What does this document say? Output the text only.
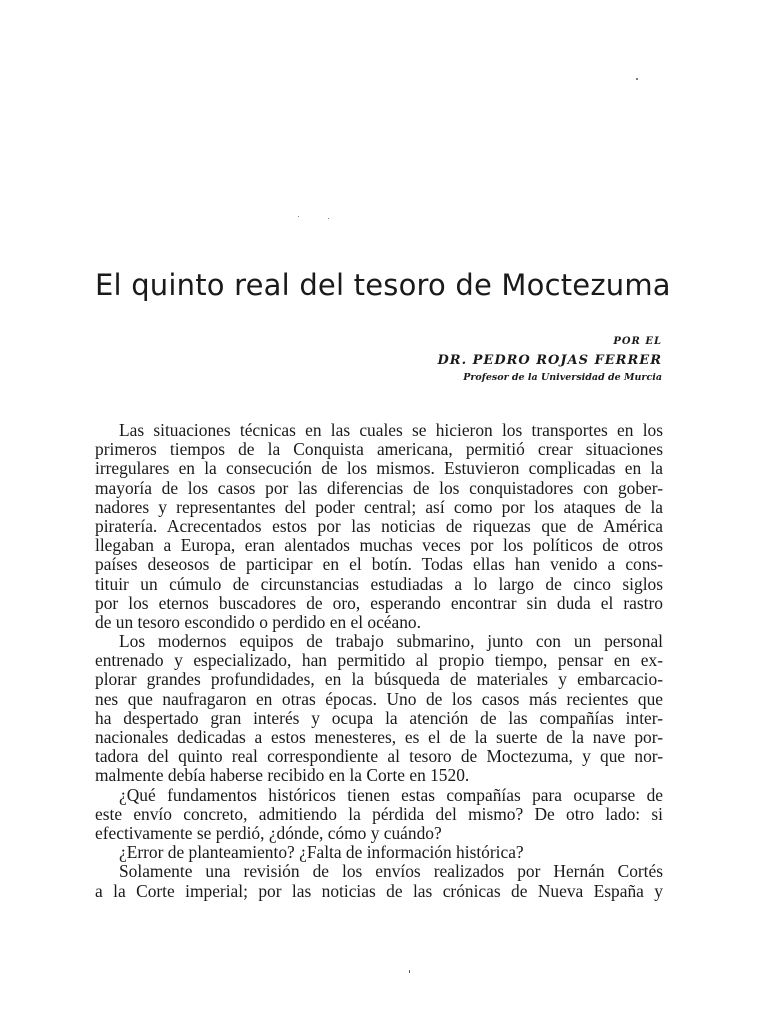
El quinto real del tesoro de Moctezuma
POR EL
DR. PEDRO ROJAS FERRER
Profesor de la Universidad de Murcia
Las situaciones técnicas en las cuales se hicieron los transportes en los
primeros tiempos de la Conquista americana, permitió crear situaciones
irregulares en la consecución de los mismos. Estuvieron complicadas en la
mayoría de los casos por las diferencias de los conquistadores con gober-
nadores y representantes del poder central; así como por los ataques de la
piratería. Acrecentados estos por las noticias de riquezas que de América
llegaban a Europa, eran alentados muchas veces por los políticos de otros
países deseosos de participar en el botín. Todas ellas han venido a cons-
tituir un cúmulo de circunstancias estudiadas a lo largo de cinco siglos
por los eternos buscadores de oro, esperando encontrar sin duda el rastro
de un tesoro escondido o perdido en el océano.
Los modernos equipos de trabajo submarino, junto con un personal
entrenado y especializado, han permitido al propio tiempo, pensar en ex-
plorar grandes profundidades, en la búsqueda de materiales y embarcacio-
nes que naufragaron en otras épocas. Uno de los casos más recientes que
ha despertado gran interés y ocupa la atención de las compañías inter-
nacionales dedicadas a estos menesteres, es el de la suerte de la nave por-
tadora del quinto real correspondiente al tesoro de Moctezuma, y que nor-
malmente debía haberse recibido en la Corte en 1520.
¿Qué fundamentos históricos tienen estas compañías para ocuparse de
este envío concreto, admitiendo la pérdida del mismo? De otro lado: si
efectivamente se perdió, ¿dónde, cómo y cuándo?
¿Error de planteamiento? ¿Falta de información histórica?
Solamente una revisión de los envíos realizados por Hernán Cortés
a la Corte imperial; por las noticias de las crónicas de Nueva España y
